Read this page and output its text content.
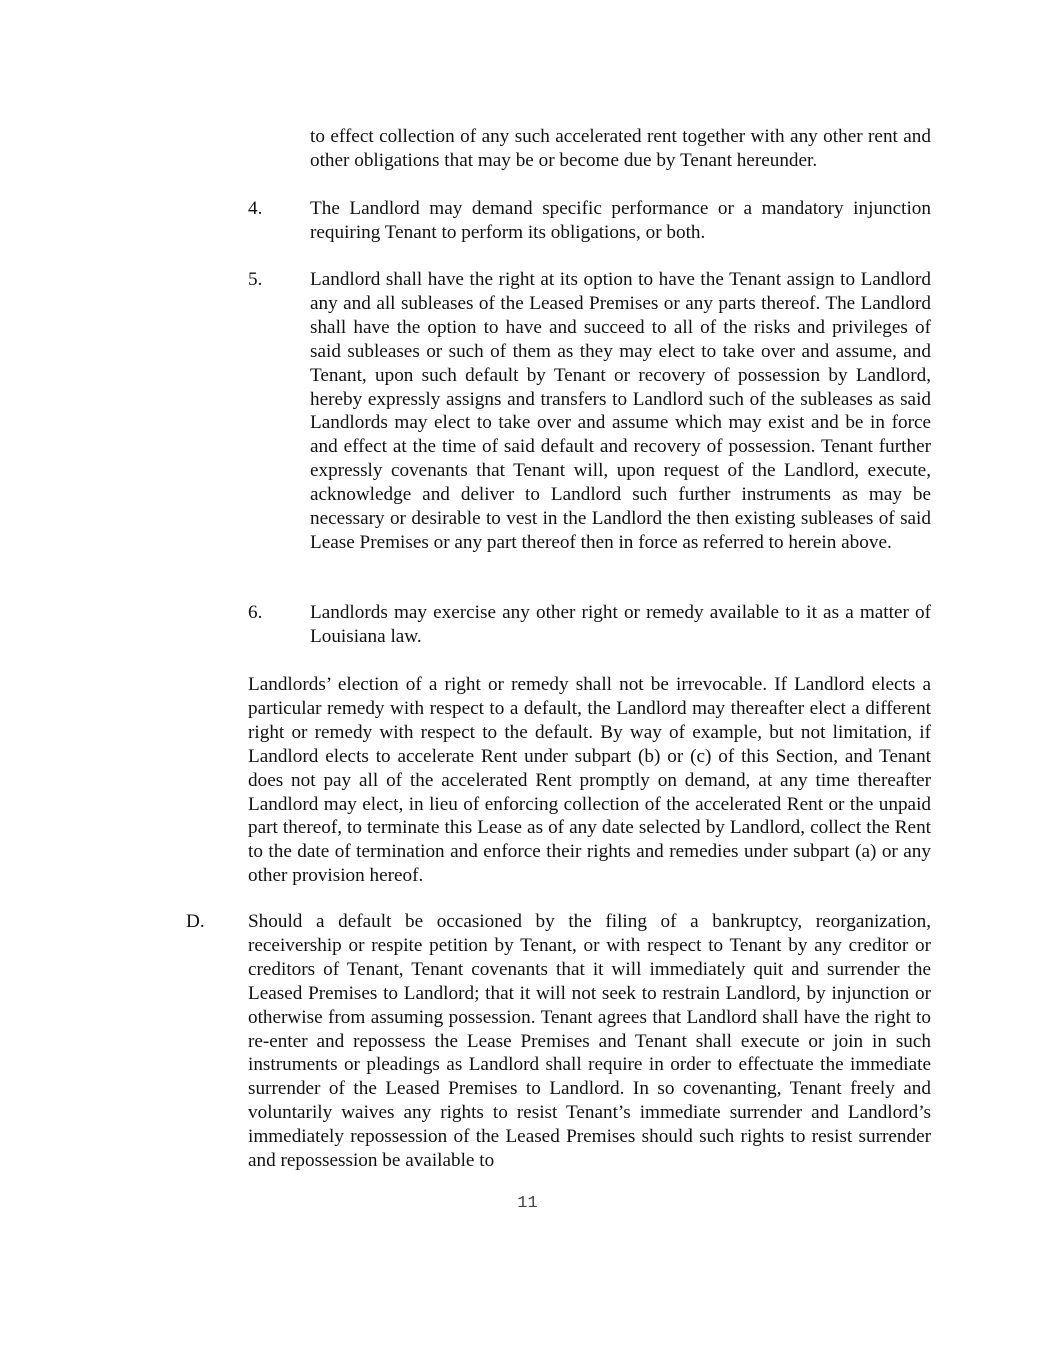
to effect collection of any such accelerated rent together with any other rent and other obligations that may be or become due by Tenant hereunder.

4. The Landlord may demand specific performance or a mandatory injunction requiring Tenant to perform its obligations, or both.

5. Landlord shall have the right at its option to have the Tenant assign to Landlord any and all subleases of the Leased Premises or any parts thereof. The Landlord shall have the option to have and succeed to all of the risks and privileges of said subleases or such of them as they may elect to take over and assume, and Tenant, upon such default by Tenant or recovery of possession by Landlord, hereby expressly assigns and transfers to Landlord such of the subleases as said Landlords may elect to take over and assume which may exist and be in force and effect at the time of said default and recovery of possession. Tenant further expressly covenants that Tenant will, upon request of the Landlord, execute, acknowledge and deliver to Landlord such further instruments as may be necessary or desirable to vest in the Landlord the then existing subleases of said Lease Premises or any part thereof then in force as referred to herein above.

6. Landlords may exercise any other right or remedy available to it as a matter of Louisiana law.

Landlords’ election of a right or remedy shall not be irrevocable. If Landlord elects a particular remedy with respect to a default, the Landlord may thereafter elect a different right or remedy with respect to the default. By way of example, but not limitation, if Landlord elects to accelerate Rent under subpart (b) or (c) of this Section, and Tenant does not pay all of the accelerated Rent promptly on demand, at any time thereafter Landlord may elect, in lieu of enforcing collection of the accelerated Rent or the unpaid part thereof, to terminate this Lease as of any date selected by Landlord, collect the Rent to the date of termination and enforce their rights and remedies under subpart (a) or any other provision hereof.

D. Should a default be occasioned by the filing of a bankruptcy, reorganization, receivership or respite petition by Tenant, or with respect to Tenant by any creditor or creditors of Tenant, Tenant covenants that it will immediately quit and surrender the Leased Premises to Landlord; that it will not seek to restrain Landlord, by injunction or otherwise from assuming possession. Tenant agrees that Landlord shall have the right to re-enter and repossess the Lease Premises and Tenant shall execute or join in such instruments or pleadings as Landlord shall require in order to effectuate the immediate surrender of the Leased Premises to Landlord. In so covenanting, Tenant freely and voluntarily waives any rights to resist Tenant’s immediate surrender and Landlord’s immediately repossession of the Leased Premises should such rights to resist surrender and repossession be available to

11
